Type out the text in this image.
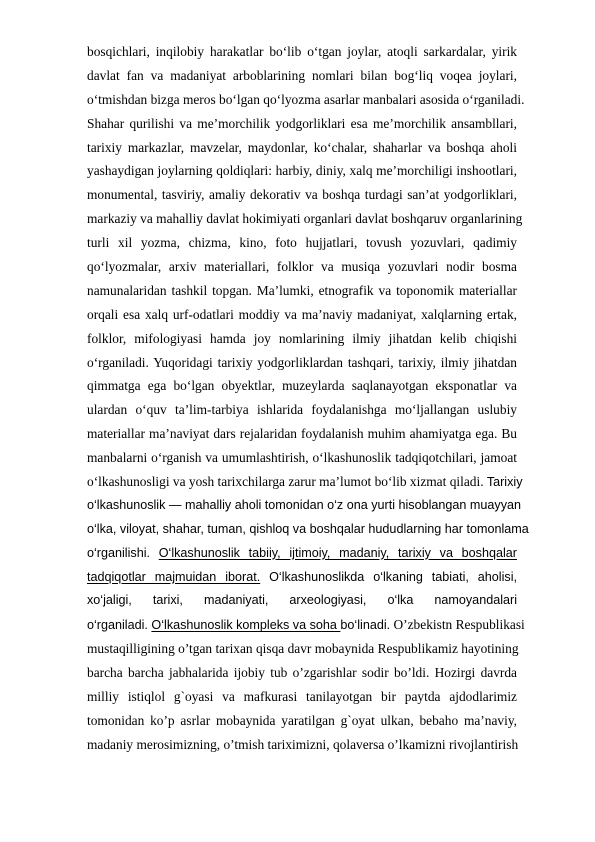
bosqichlari, inqilobiy harakatlar bo‘lib o‘tgan joylar, atoqli sarkardalar, yirik
davlat fan va madaniyat arboblarining nomlari bilan bog‘liq voqea joylari,
o‘tmishdan bizga meros bo‘lgan qo‘lyozma asarlar manbalari asosida o‘rganiladi.
Shahar qurilishi va me’morchilik yodgorliklari esa me’morchilik ansambllari,
tarixiy markazlar, mavzelar, maydonlar, ko‘chalar, shaharlar va boshqa aholi
yashaydigan joylarning qoldiqlari: harbiy, diniy, xalq me’morchiligi inshootlari,
monumental, tasviriy, amaliy dekorativ va boshqa turdagi san’at yodgorliklari,
markaziy va mahalliy davlat hokimiyati organlari davlat boshqaruv organlarining
turli xil yozma, chizma, kino, foto hujjatlari, tovush yozuvlari, qadimiy
qo‘lyozmalar, arxiv materiallari, folklor va musiqa yozuvlari nodir bosma
namunalaridan tashkil topgan. Ma’lumki, etnografik va toponomik materiallar
orqali esa xalq urf-odatlari moddiy va ma’naviy madaniyat, xalqlarning ertak,
folklor, mifologiyasi hamda joy nomlarining ilmiy jihatdan kelib chiqishi
o‘rganiladi. Yuqoridagi tarixiy yodgorliklardan tashqari, tarixiy, ilmiy jihatdan
qimmatga ega bo‘lgan obyektlar, muzeylarda saqlanayotgan eksponatlar va
ulardan o‘quv ta’lim-tarbiya ishlarida foydalanishga mo‘ljallangan uslubiy
materiallar ma’naviyat dars rejalaridan foydalanish muhim ahamiyatga ega. Bu
manbalarni o‘rganish va umumlashtirish, o‘lkashunoslik tadqiqotchilari, jamoat
o‘lkashunosligi va yosh tarixchilarga zarur ma’lumot bo‘lib xizmat qiladi. Tarixiy
o‘lkashunoslik — mahalliy aholi tomonidan o‘z ona yurti hisoblangan muayyan
o‘lka, viloyat, shahar, tuman, qishloq va boshqalar hududlarning har tomonlama
o‘rganilishi. O‘lkashunoslik tabiiy, ijtimoiy, madaniy, tarixiy va boshqalar
tadqiqotlar majmuidan iborat. O‘lkashunoslikda o‘lkaning tabiati, aholisi,
xo‘jaligi, tarixi, madaniyati, arxeologiyasi, o‘lka namoyandalari
o‘rganiladi. O‘lkashunoslik kompleks va soha bo‘linadi. O’zbekistn Respublikasi
mustaqilligining o’tgan tarixan qisqa davr mobaynida Respublikamiz hayotining
barcha barcha jabhalarida ijobiy tub o’zgarishlar sodir bo’ldi. Hozirgi davrda
milliy istiqlol g`oyasi va mafkurasi tanilayotgan bir paytda ajdodlarimiz
tomonidan ko’p asrlar mobaynida yaratilgan g`oyat ulkan, bebaho ma’naviy,
madaniy merosimizning, o’tmish tariximizni, qolaversa o’lkamizni rivojlantirish
